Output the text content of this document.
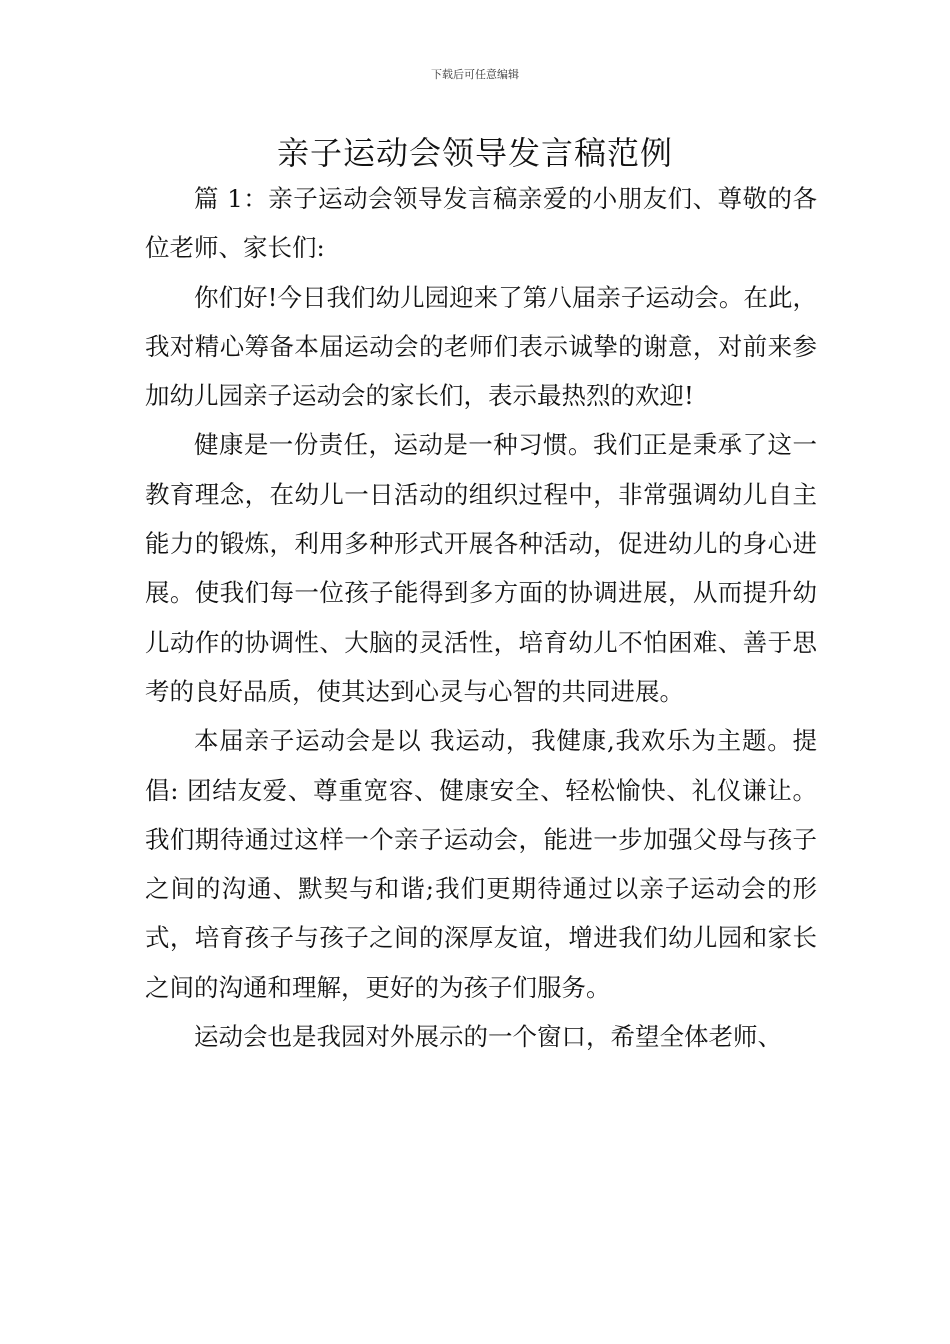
下载后可任意编辑
亲子运动会领导发言稿范例

篇 1：亲子运动会领导发言稿亲爱的小朋友们、尊敬的各位老师、家长们:

你们好!今日我们幼儿园迎来了第八届亲子运动会。在此，我对精心筹备本届运动会的老师们表示诚挚的谢意，对前来参加幼儿园亲子运动会的家长们，表示最热烈的欢迎!

健康是一份责任，运动是一种习惯。我们正是秉承了这一教育理念，在幼儿一日活动的组织过程中，非常强调幼儿自主能力的锻炼，利用多种形式开展各种活动，促进幼儿的身心进展。使我们每一位孩子能得到多方面的协调进展，从而提升幼儿动作的协调性、大脑的灵活性，培育幼儿不怕困难、善于思考的良好品质，使其达到心灵与心智的共同进展。

本届亲子运动会是以 我运动，我健康,我欢乐为主题。提倡: 团结友爱、尊重宽容、健康安全、轻松愉快、礼仪谦让。我们期待通过这样一个亲子运动会，能进一步加强父母与孩子之间的沟通、默契与和谐;我们更期待通过以亲子运动会的形式，培育孩子与孩子之间的深厚友谊，增进我们幼儿园和家长之间的沟通和理解，更好的为孩子们服务。

运动会也是我园对外展示的一个窗口，希望全体老师、
